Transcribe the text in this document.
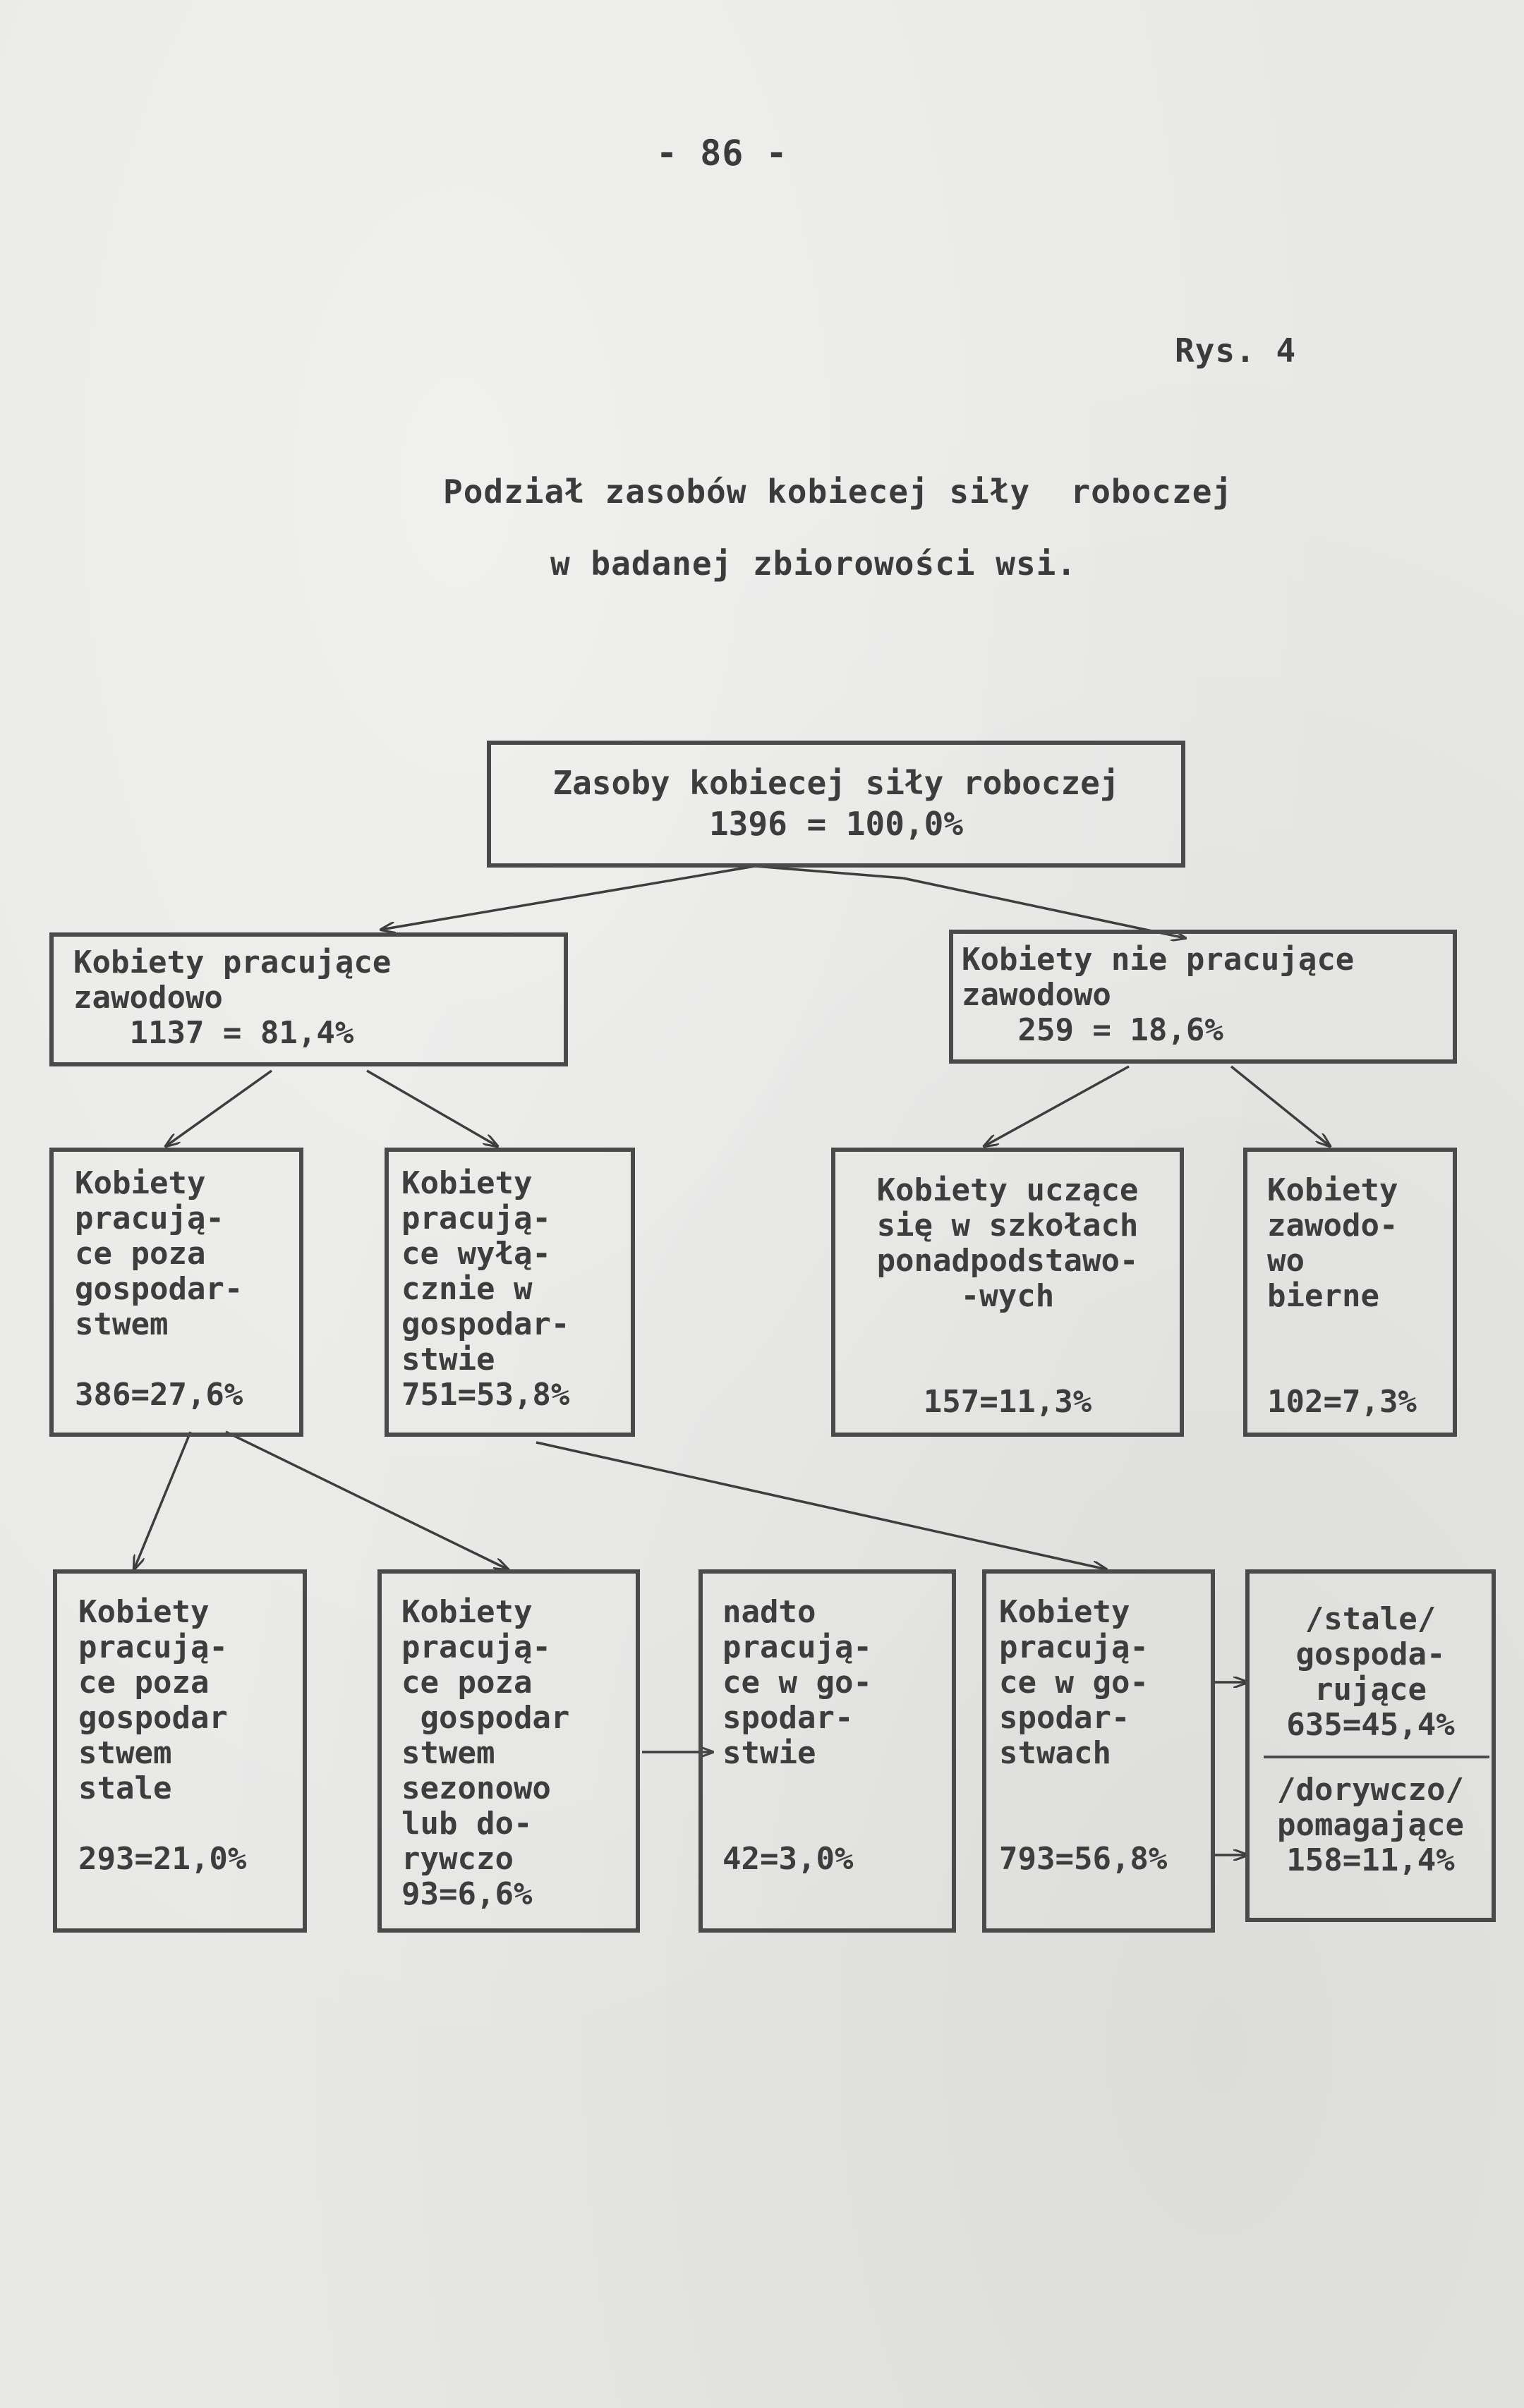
- 86 -
Rys. 4
Podział zasobów kobiecej siły  roboczej
w badanej zbiorowości wsi.
Zasoby kobiecej siły roboczej
1396 = 100,0%
Kobiety pracujące
zawodowo
1137 = 81,4%
Kobiety nie pracujące
zawodowo
259 = 18,6%
Kobiety
pracują-
ce poza
gospodar-
stwem

386=27,6%
Kobiety
pracują-
ce wyłą-
cznie w
gospodar-
stwie
751=53,8%
Kobiety uczące
się w szkołach
ponadpodstawo-
-wych

157=11,3%
Kobiety
zawodo-
wo
bierne

102=7,3%
Kobiety
pracują-
ce poza
gospodar
stwem
stale

293=21,0%
Kobiety
pracują-
ce poza
gospodar
stwem
sezonowo
lub do-
rywczo
93=6,6%
nadto
pracują-
ce w go-
spodar-
stwie

42=3,0%
Kobiety
pracują-
ce w go-
spodar-
stwach

793=56,8%
/stale/
gospoda-
rujące
635=45,4%
/dorywczo/
pomagające
158=11,4%
